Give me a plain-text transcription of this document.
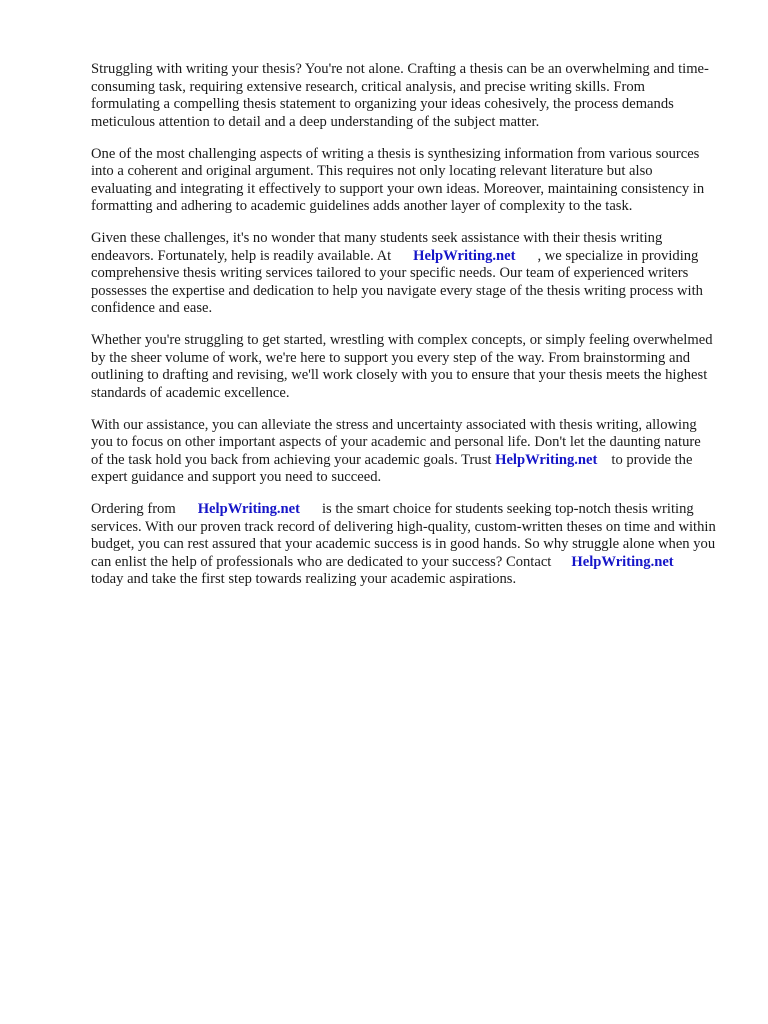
Struggling with writing your thesis? You're not alone. Crafting a thesis can be an overwhelming and time-consuming task, requiring extensive research, critical analysis, and precise writing skills. From formulating a compelling thesis statement to organizing your ideas cohesively, the process demands meticulous attention to detail and a deep understanding of the subject matter.

One of the most challenging aspects of writing a thesis is synthesizing information from various sources into a coherent and original argument. This requires not only locating relevant literature but also evaluating and integrating it effectively to support your own ideas. Moreover, maintaining consistency in formatting and adhering to academic guidelines adds another layer of complexity to the task.

Given these challenges, it's no wonder that many students seek assistance with their thesis writing endeavors. Fortunately, help is readily available. At HelpWriting.net , we specialize in providing comprehensive thesis writing services tailored to your specific needs. Our team of experienced writers possesses the expertise and dedication to help you navigate every stage of the thesis writing process with confidence and ease.

Whether you're struggling to get started, wrestling with complex concepts, or simply feeling overwhelmed by the sheer volume of work, we're here to support you every step of the way. From brainstorming and outlining to drafting and revising, we'll work closely with you to ensure that your thesis meets the highest standards of academic excellence.

With our assistance, you can alleviate the stress and uncertainty associated with thesis writing, allowing you to focus on other important aspects of your academic and personal life. Don't let the daunting nature of the task hold you back from achieving your academic goals. Trust HelpWriting.net to provide the expert guidance and support you need to succeed.

Ordering from HelpWriting.net is the smart choice for students seeking top-notch thesis writing services. With our proven track record of delivering high-quality, custom-written theses on time and within budget, you can rest assured that your academic success is in good hands. So why struggle alone when you can enlist the help of professionals who are dedicated to your success? Contact HelpWriting.nettoday and take the first step towards realizing your academic aspirations.
